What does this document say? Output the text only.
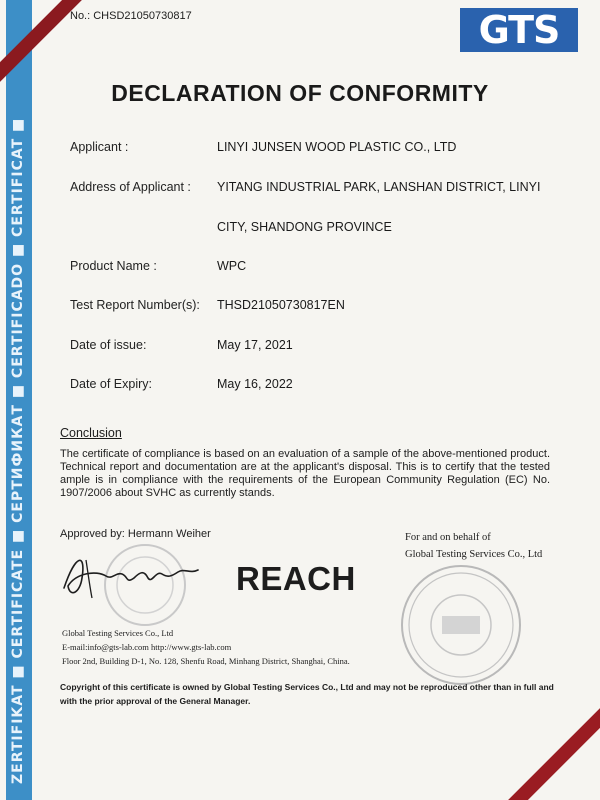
ZERTIFIKAT ■ CERTIFICATE ■ СЕРТИФИКАТ ■ CERTIFICADO ■ CERTIFICAT ■
No.: CHSD21050730817	GTS
DECLARATION OF CONFORMITY
Applicant :	LINYI JUNSEN WOOD PLASTIC CO., LTD
Address of Applicant : YITANG INDUSTRIAL PARK, LANSHAN DISTRICT, LINYI
CITY, SHANDONG PROVINCE
Product Name :	WPC
Test Report Number(s): THSD21050730817EN
Date of issue:	May 17, 2021
Date of Expiry:	May 16, 2022
Conclusion
The certificate of compliance is based on an evaluation of a sample of the above-mentioned product. Technical report and documentation are at the applicant's disposal. This is to certify that the tested ample is in compliance with the requirements of the European Community Regulation (EC) No. 1907/2006 about SVHC as currently stands.
Approved by: Hermann Weiher	For and on behalf of
Global Testing Services Co., Ltd
REACH
Global Testing Services Co., Ltd
E-mail:info@gts-lab.com http://www.gts-lab.com
Floor 2nd, Building D-1, No. 128, Shenfu Road, Minhang District, Shanghai, China.
Copyright of this certificate is owned by Global Testing Services Co., Ltd and may not be reproduced other than in full and with the prior approval of the General Manager.
